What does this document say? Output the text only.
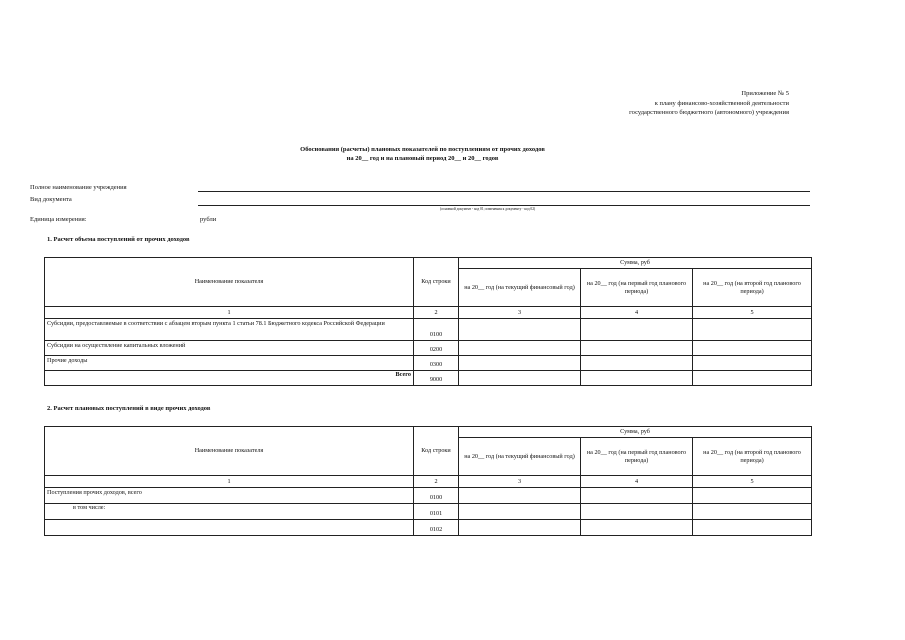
Приложение № 5
к плану финансово-хозяйственной деятельности
государственного бюджетного (автономного) учреждения
Обоснования (расчеты) плановых показателей по поступлениям от прочих доходов
на 20__ год и на плановый период 20__ и 20__ годов
Полное наименование учреждения
Вид документа
(основной документ - код 01; изменения к документу - код 02)
Единица измерения:	рубли
1. Расчет объема поступлений от прочих доходов
Наименование показателя	Код строки	Сумма, руб		
		на 20__ год (на текущий финансовый год)	на 20__ год (на первый год планового периода)	на 20__ год (на второй год планового периода)
1	2	3	4	5
Субсидии, предоставляемые в соответствии с абзацем вторым пункта 1 статьи 78.1 Бюджетного кодекса Российской Федерации	0100			
Субсидии на осуществление капитальных вложений	0200			
Прочие доходы	0300			
Всего	9000			
2. Расчет плановых поступлений в виде прочих доходов
Наименование показателя	Код строки	Сумма, руб		
		на 20__ год (на текущий финансовый год)	на 20__ год (на первый год планового периода)	на 20__ год (на второй год планового периода)
1	2	3	4	5
Поступления прочих доходов, всего	0100			
в том числе:	0101			
	0102			
